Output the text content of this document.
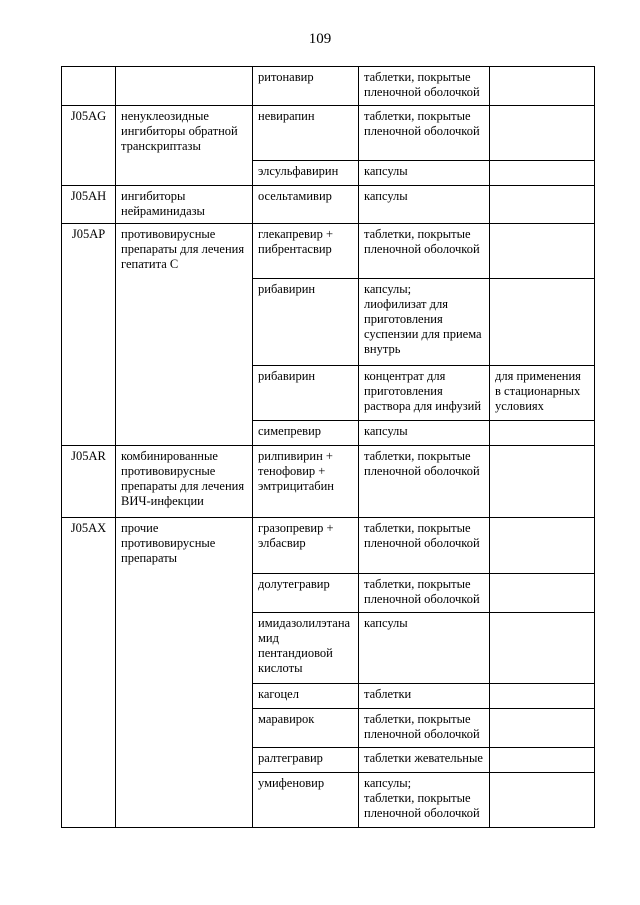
109
		ритонавир	таблетки, покрытые
пленочной оболочкой	
J05AG	ненуклеозидные
ингибиторы обратной
транскриптазы	невирапин	таблетки, покрытые
пленочной оболочкой	
		элсульфавирин	капсулы	
J05AH	ингибиторы
нейраминидазы	осельтамивир	капсулы	
J05AP	противовирусные
препараты для лечения
гепатита С	глекапревир +
пибрентасвир	таблетки, покрытые
пленочной оболочкой	
		рибавирин	капсулы;
лиофилизат для
приготовления
суспензии для приема
внутрь	
		рибавирин	концентрат для
приготовления
раствора для инфузий	для применения
в стационарных
условиях
		симепревир	капсулы	
J05AR	комбинированные
противовирусные
препараты для лечения
ВИЧ-инфекции	рилпивирин +
тенофовир +
эмтрицитабин	таблетки, покрытые
пленочной оболочкой	
J05AX	прочие
противовирусные
препараты	гразопревир +
элбасвир	таблетки, покрытые
пленочной оболочкой	
		долутегравир	таблетки, покрытые
пленочной оболочкой	
		имидазолилэтана
мид
пентандиовой
кислоты	капсулы	
		кагоцел	таблетки	
		маравирок	таблетки, покрытые
пленочной оболочкой	
		ралтегравир	таблетки жевательные	
		умифеновир	капсулы;
таблетки, покрытые
пленочной оболочкой	
